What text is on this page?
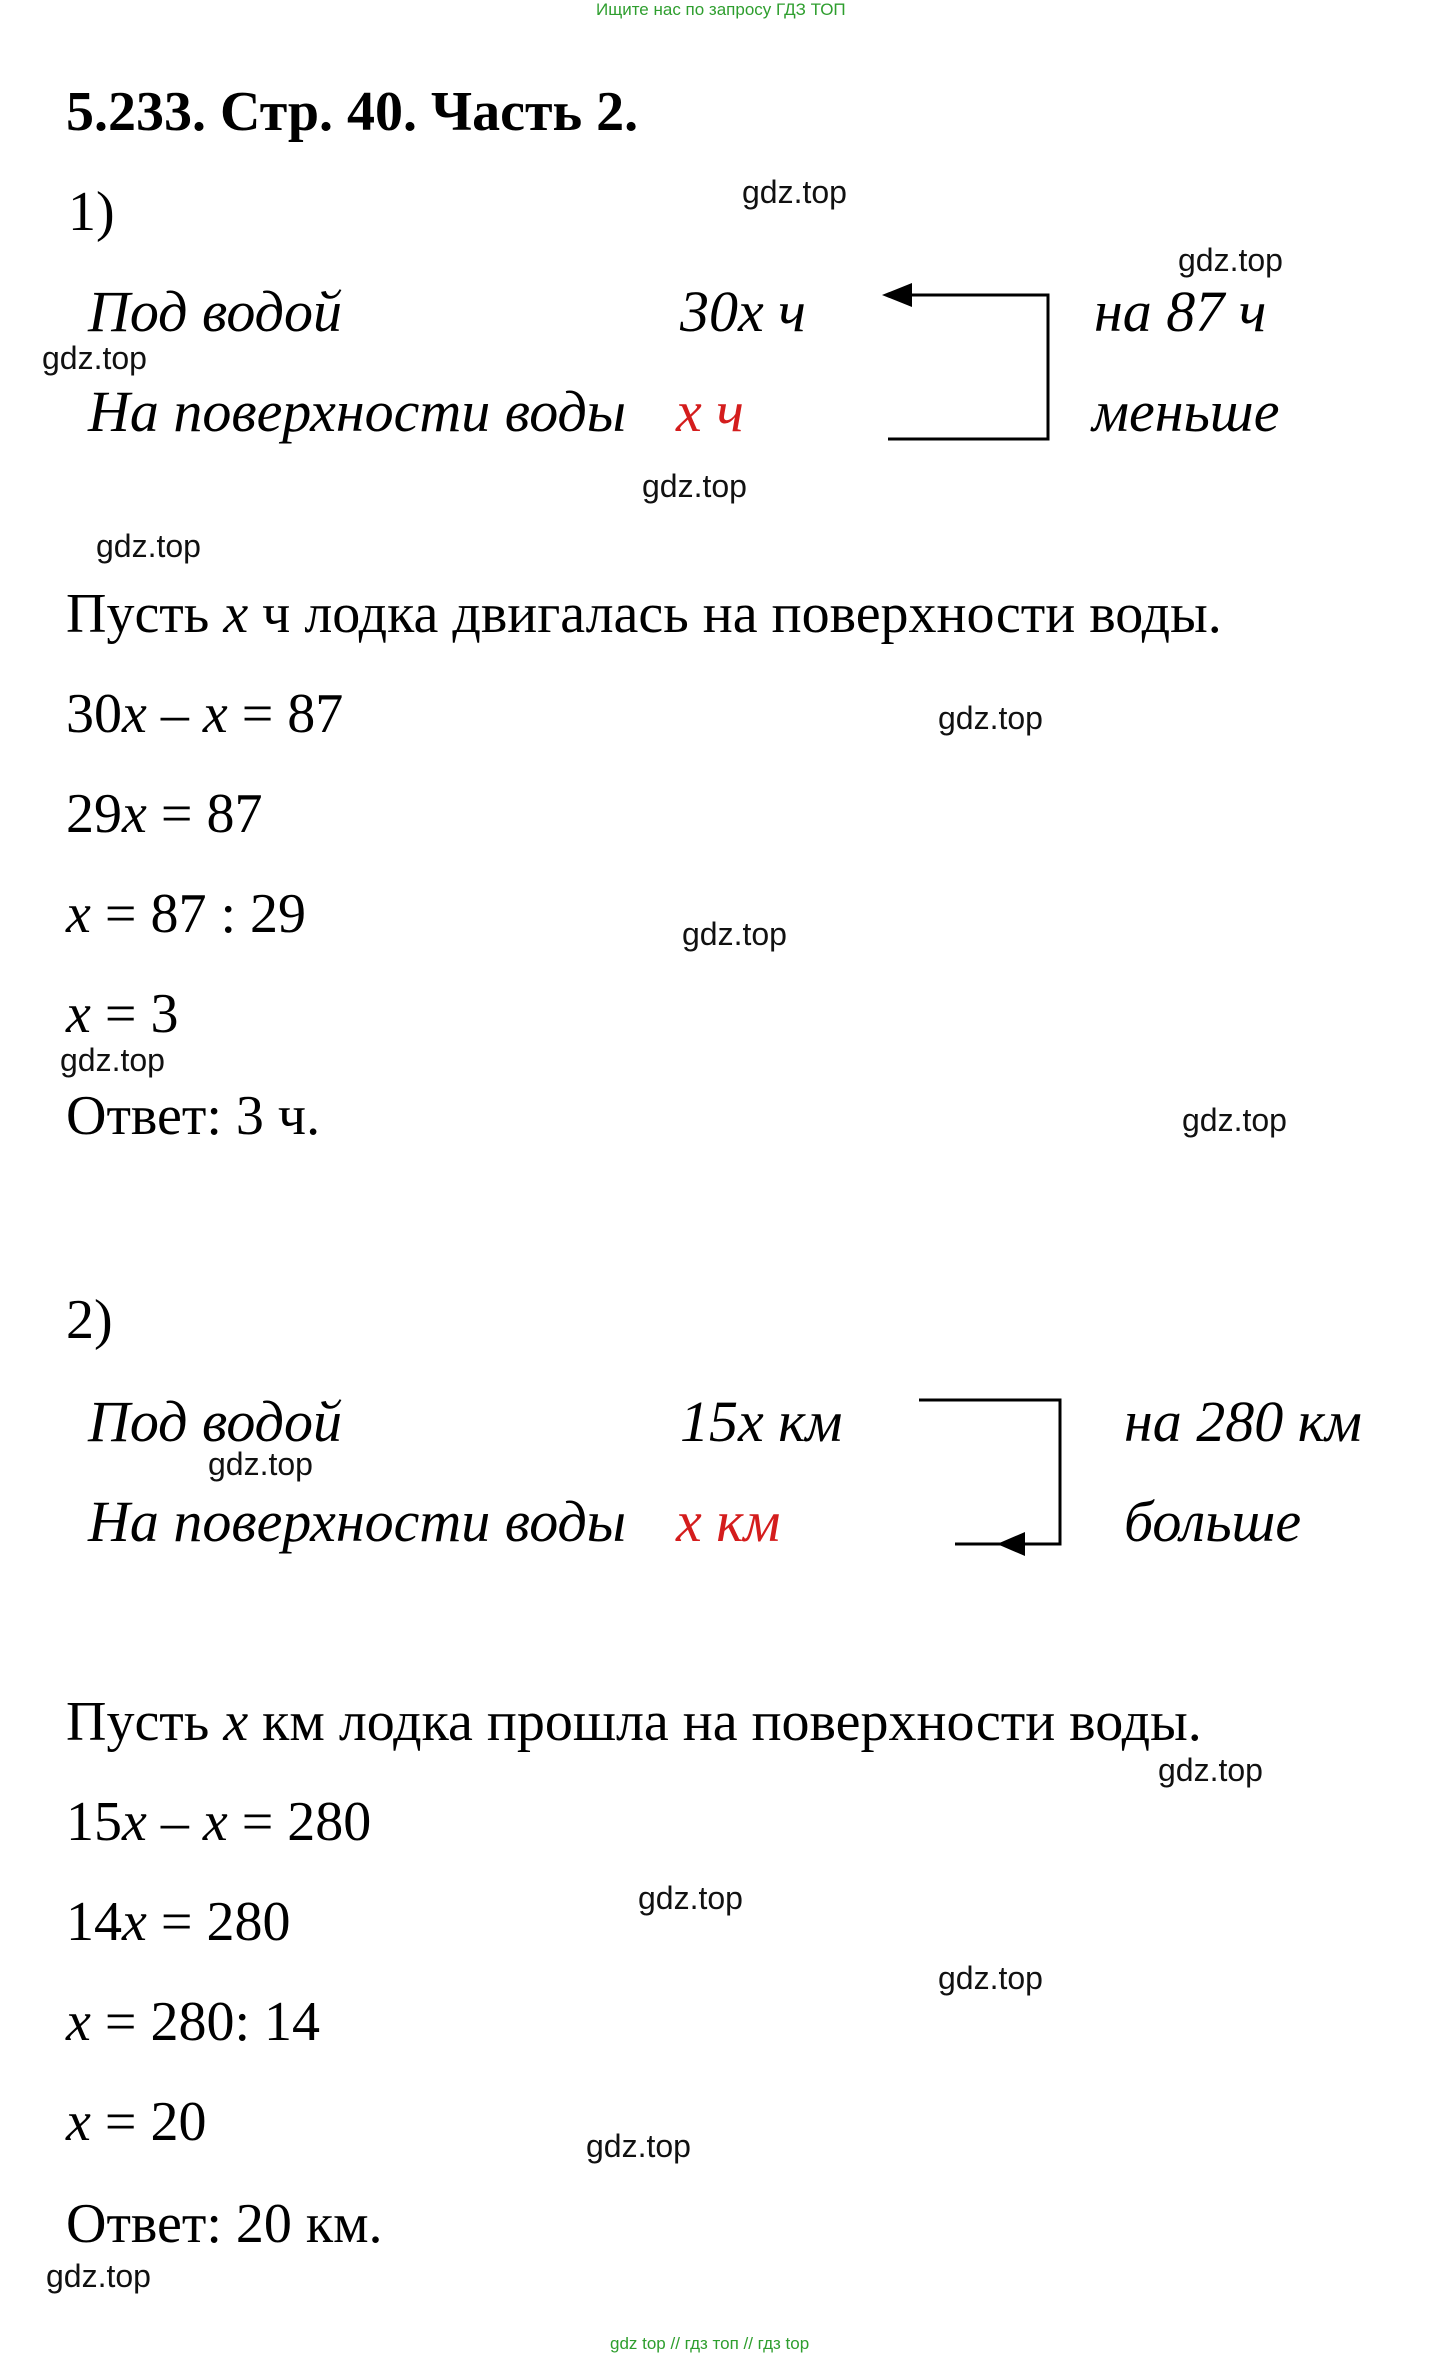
Ищите нас по запросу ГДЗ ТОП
5.233. Стр. 40. Часть 2.
1)
Под водой	30x ч
На поверхности воды x ч
на 87 ч
меньше
Пусть x ч лодка двигалась на поверхности воды.
30x – x = 87
29x = 87
x = 87 : 29
x = 3
Ответ: 3 ч.
2)
Под водой	15x км
На поверхности воды x км
на 280 км
больше
Пусть x км лодка прошла на поверхности воды.
15x – x = 280
14x = 280
x = 280: 14
x = 20
Ответ: 20 км.
gdz.top
gdz.top
gdz.top
gdz.top
gdz.top
gdz.top
gdz.top
gdz.top
gdz.top
gdz.top
gdz.top
gdz.top
gdz.top
gdz.top
gdz.top
gdz top // гдз топ // гдз top
